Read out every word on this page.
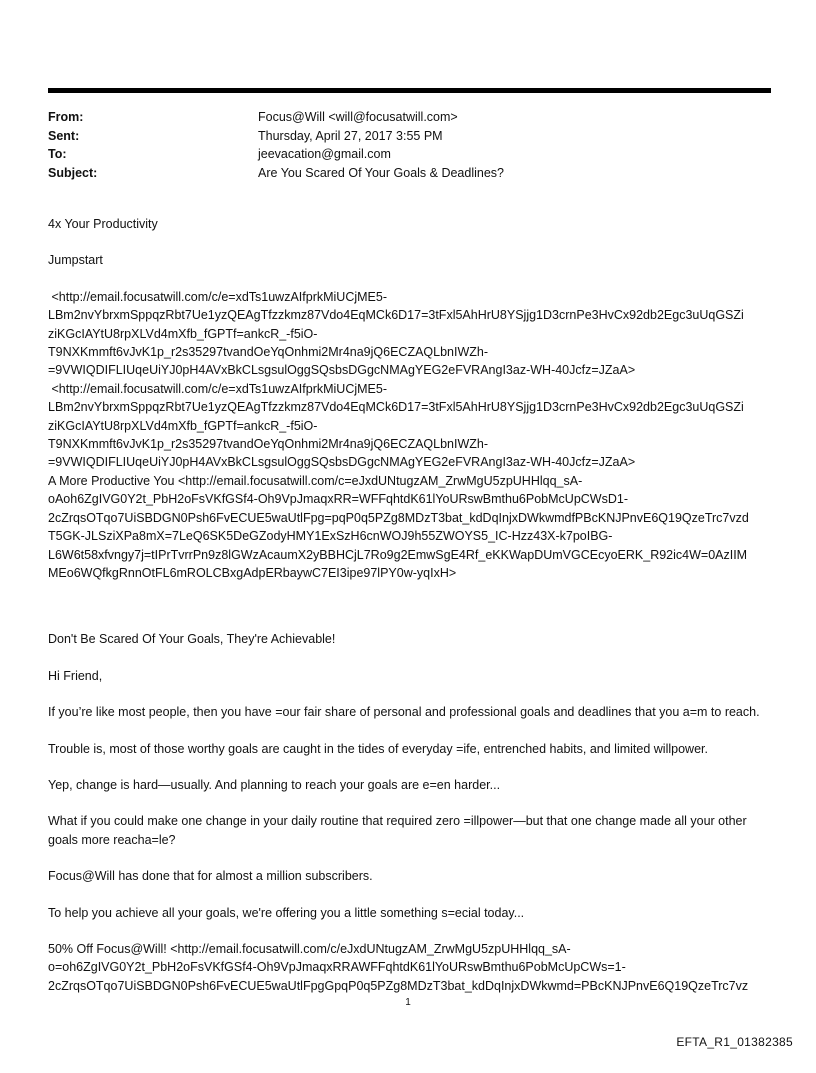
From:	Focus@Will <will@focusatwill.com>
Sent:	Thursday, April 27, 2017 3:55 PM
To:	jeevacation@gmail.com
Subject:	Are You Scared Of Your Goals & Deadlines?

4x Your Productivity

Jumpstart

<http://email.focusatwill.com/c/e=xdTs1uwzAIfprkMiUCjME5-
LBm2nvYbrxmSppqzRbt7Ue1yzQEAgTfzzkmz87Vdo4EqMCk6D17=3tFxl5AhHrU8YSjjg1D3crnPe3HvCx92db2Egc3uUqGSZi
ziKGcIAYtU8rpXLVd4mXfb_fGPTf=ankcR_-f5iO-
T9NXKmmft6vJvK1p_r2s35297tvandOeYqOnhmi2Mr4na9jQ6ECZAQLbnIWZh-
=9VWIQDIFLIUqeUiYJ0pH4AVxBkCLsgsulOggSQsbsDGgcNMAgYEG2eFVRAngI3az-WH-40Jcfz=JZaA>
<http://email.focusatwill.com/c/e=xdTs1uwzAIfprkMiUCjME5-
LBm2nvYbrxmSppqzRbt7Ue1yzQEAgTfzzkmz87Vdo4EqMCk6D17=3tFxl5AhHrU8YSjjg1D3crnPe3HvCx92db2Egc3uUqGSZi
ziKGcIAYtU8rpXLVd4mXfb_fGPTf=ankcR_-f5iO-
T9NXKmmft6vJvK1p_r2s35297tvandOeYqOnhmi2Mr4na9jQ6ECZAQLbnIWZh-
=9VWIQDIFLIUqeUiYJ0pH4AVxBkCLsgsulOggSQsbsDGgcNMAgYEG2eFVRAngI3az-WH-40Jcfz=JZaA>
A More Productive You <http://email.focusatwill.com/c=eJxdUNtugzAM_ZrwMgU5zpUHHlqq_sA-
oAoh6ZgIVG0Y2t_PbH2oFsVKfGSf4-Oh9VpJmaqxRR=WFFqhtdK61lYoURswBmthu6PobMcUpCWsD1-
2cZrqsOTqo7UiSBDGN0Psh6FvECUE5waUtlFpg=pqP0q5PZg8MDzT3bat_kdDqInjxDWkwmdfPBcKNJPnvE6Q19QzeTrc7vzd
T5GK-JLSziXPa8mX=7LeQ6SK5DeGZodyHMY1ExSzH6cnWOJ9h55ZWOYS5_IC-Hzz43X-k7poIBG-
L6W6t58xfvngy7j=tIPrTvrrPn9z8lGWzAcaumX2yBBHCjL7Ro9g2EmwSgE4Rf_eKKWapDUmVGCEcyoERK_R92ic4W=0AzIIM
MEo6WQfkgRnnOtFL6mROLCBxgAdpERbaywC7EI3ipe97lPY0w-yqIxH>

Don't Be Scared Of Your Goals, They're Achievable!

Hi Friend,

If you’re like most people, then you have =our fair share of personal and professional goals and deadlines that you a=m to reach.

Trouble is, most of those worthy goals are caught in the tides of everyday =ife, entrenched habits, and limited willpower.

Yep, change is hard—usually. And planning to reach your goals are e=en harder...

What if you could make one change in your daily routine that required zero =illpower—but that one change made all your other goals more reacha=le?

Focus@Will has done that for almost a million subscribers.

To help you achieve all your goals, we're offering you a little something s=ecial today...

50% Off Focus@Will! <http://email.focusatwill.com/c/eJxdUNtugzAM_ZrwMgU5zpUHHlqq_sA-
o=oh6ZgIVG0Y2t_PbH2oFsVKfGSf4-Oh9VpJmaqxRRAWFFqhtdK61lYoURswBmthu6PobMcUpCWs=1-
2cZrqsOTqo7UiSBDGN0Psh6FvECUE5waUtlFpgGpqP0q5PZg8MDzT3bat_kdDqInjxDWkwmd=PBcKNJPnvE6Q19QzeTrc7vz
1
EFTA_R1_01382385
